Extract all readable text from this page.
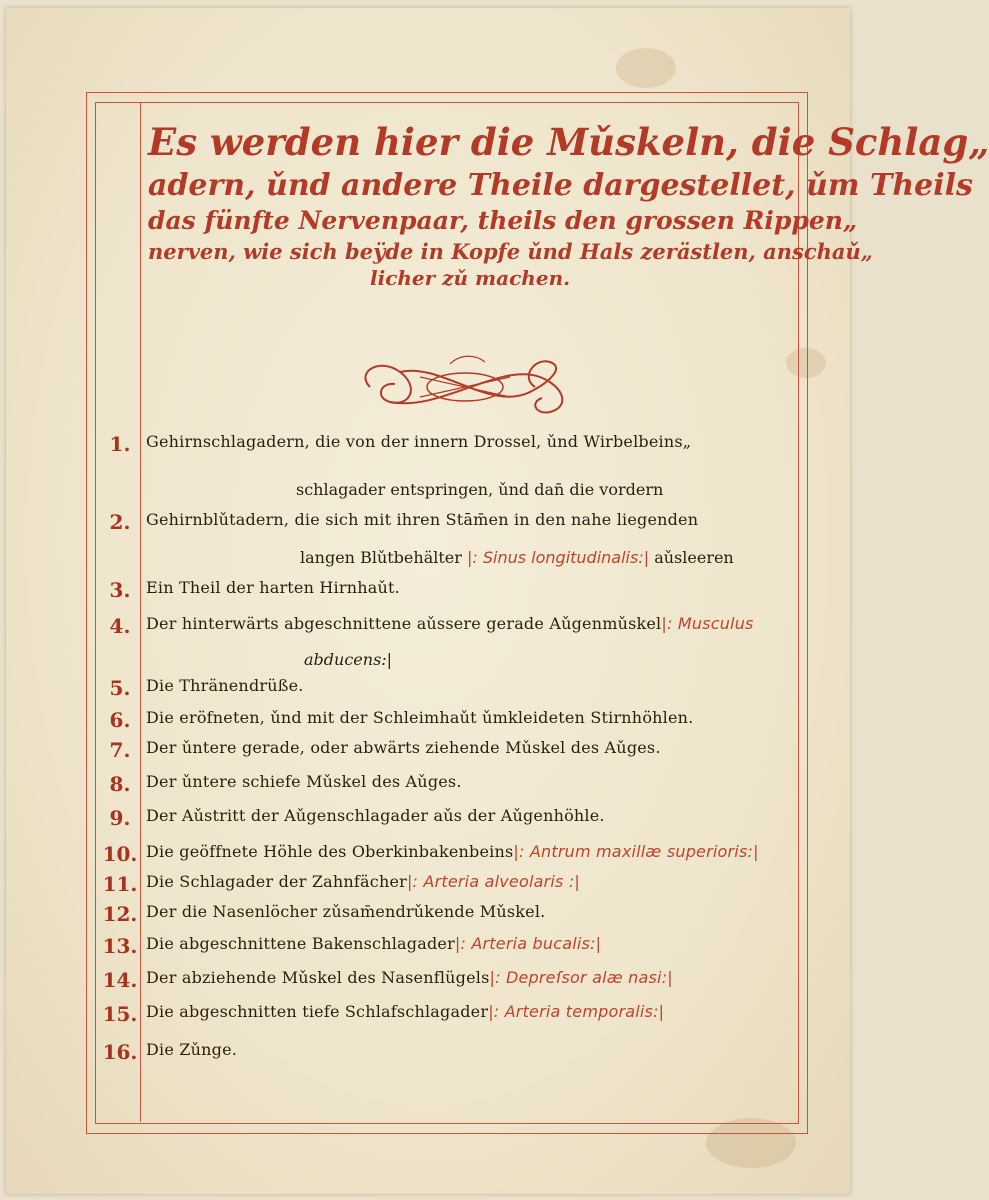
Es werden hier die Mǔskeln, die Schlag„
adern, ǔnd andere Theile dargestellet, ǔm Theils
das fünfte Nervenpaar, theils den grossen Rippen„
nerven, wie sich beÿde in Kopfe ǔnd Hals zerästlen, anschaǔ„
licher zǔ machen.
1. Gehirnschlagadern, die von der innern Drossel, ǔnd Wirbelbeins„
schlagader entspringen, ǔnd dan̄ die vordern
2. Gehirnblǔtadern, die sich mit ihren Stām̄en in den nahe liegenden
langen Blǔtbehälter |: Sinus longitudinalis:| aǔsleeren
3. Ein Theil der harten Hirnhaǔt.
4. Der hinterwärts abgeschnittene aǔssere gerade Aǔgenmǔskel|: Musculus
abducens:|
5. Die Thränendrüße.
6. Die eröfneten, ǔnd mit der Schleimhaǔt ǔmkleideten Stirnhöhlen.
7. Der ǔntere gerade, oder abwärts ziehende Mǔskel des Aǔges.
8. Der ǔntere schiefe Mǔskel des Aǔges.
9. Der Aǔstritt der Aǔgenschlagader aǔs der Aǔgenhöhle.
10. Die geöffnete Höhle des Oberkinbakenbeins|: Antrum maxillæ superioris:|
11. Die Schlagader der Zahnfächer|: Arteria alveolaris :|
12. Der die Nasenlöcher zǔsam̄endrǔkende Mǔskel.
13. Die abgeschnittene Bakenschlagader|: Arteria bucalis:|
14. Der abziehende Mǔskel des Nasenflügels|: Depreſsor alæ nasi:|
15. Die abgeschnitten tiefe Schlafschlagader|: Arteria temporalis:|
16. Die Zǔnge.
